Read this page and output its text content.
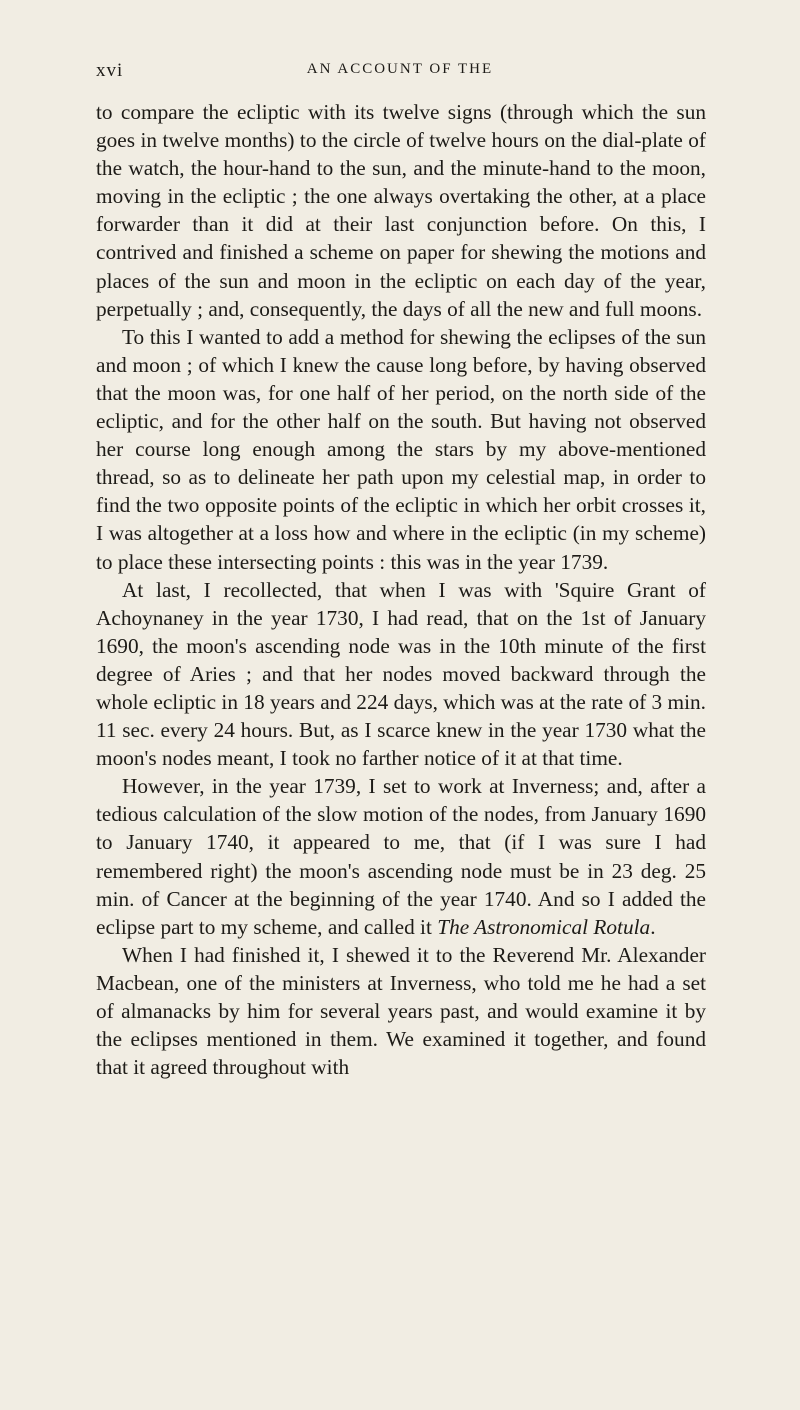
xvi	AN ACCOUNT OF THE

to compare the ecliptic with its twelve signs (through which the sun goes in twelve months) to the circle of twelve hours on the dial-plate of the watch, the hour-hand to the sun, and the minute-hand to the moon, moving in the ecliptic ; the one always overtaking the other, at a place forwarder than it did at their last conjunction before. On this, I contrived and finished a scheme on paper for shewing the motions and places of the sun and moon in the ecliptic on each day of the year, perpetually ; and, consequently, the days of all the new and full moons.

To this I wanted to add a method for shewing the eclipses of the sun and moon ; of which I knew the cause long before, by having observed that the moon was, for one half of her period, on the north side of the ecliptic, and for the other half on the south. But having not observed her course long enough among the stars by my above-mentioned thread, so as to delineate her path upon my celestial map, in order to find the two opposite points of the ecliptic in which her orbit crosses it, I was altogether at a loss how and where in the ecliptic (in my scheme) to place these intersecting points : this was in the year 1739.

At last, I recollected, that when I was with 'Squire Grant of Achoynaney in the year 1730, I had read, that on the 1st of January 1690, the moon's ascending node was in the 10th minute of the first degree of Aries ; and that her nodes moved backward through the whole ecliptic in 18 years and 224 days, which was at the rate of 3 min. 11 sec. every 24 hours. But, as I scarce knew in the year 1730 what the moon's nodes meant, I took no farther notice of it at that time.

However, in the year 1739, I set to work at Inverness; and, after a tedious calculation of the slow motion of the nodes, from January 1690 to January 1740, it appeared to me, that (if I was sure I had remembered right) the moon's ascending node must be in 23 deg. 25 min. of Cancer at the beginning of the year 1740. And so I added the eclipse part to my scheme, and called it The Astronomical Rotula.

When I had finished it, I shewed it to the Reverend Mr. Alexander Macbean, one of the ministers at Inverness, who told me he had a set of almanacks by him for several years past, and would examine it by the eclipses mentioned in them. We examined it together, and found that it agreed throughout with
